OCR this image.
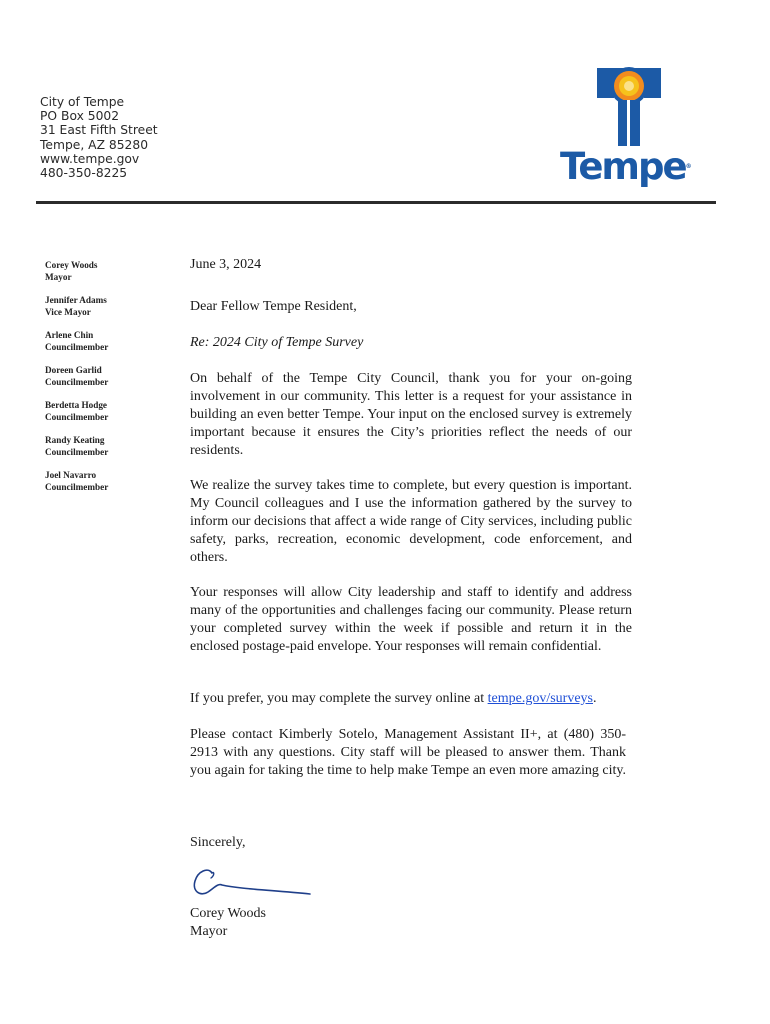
City of Tempe
PO Box 5002
31 East Fifth Street
Tempe, AZ 85280
www.tempe.gov
480-350-8225	Tempe®
Corey Woods
Mayor
Jennifer Adams
Vice Mayor
Arlene Chin
Councilmember
Doreen Garlid
Councilmember
Berdetta Hodge
Councilmember
Randy Keating
Councilmember
Joel Navarro
Councilmember

June 3, 2024

Dear Fellow Tempe Resident,

Re: 2024 City of Tempe Survey

On behalf of the Tempe City Council, thank you for your on-going involvement in our community. This letter is a request for your assistance in building an even better Tempe. Your input on the enclosed survey is extremely important because it ensures the City’s priorities reflect the needs of our residents.

We realize the survey takes time to complete, but every question is important. My Council colleagues and I use the information gathered by the survey to inform our decisions that affect a wide range of City services, including public safety, parks, recreation, economic development, code enforcement, and others.

Your responses will allow City leadership and staff to identify and address many of the opportunities and challenges facing our community. Please return your completed survey within the week if possible and return it in the enclosed postage-paid envelope. Your responses will remain confidential.

If you prefer, you may complete the survey online at tempe.gov/surveys.

Please contact Kimberly Sotelo, Management Assistant II+, at (480) 350-2913 with any questions. City staff will be pleased to answer them. Thank you again for taking the time to help make Tempe an even more amazing city.

Sincerely,

Corey Woods

Mayor
